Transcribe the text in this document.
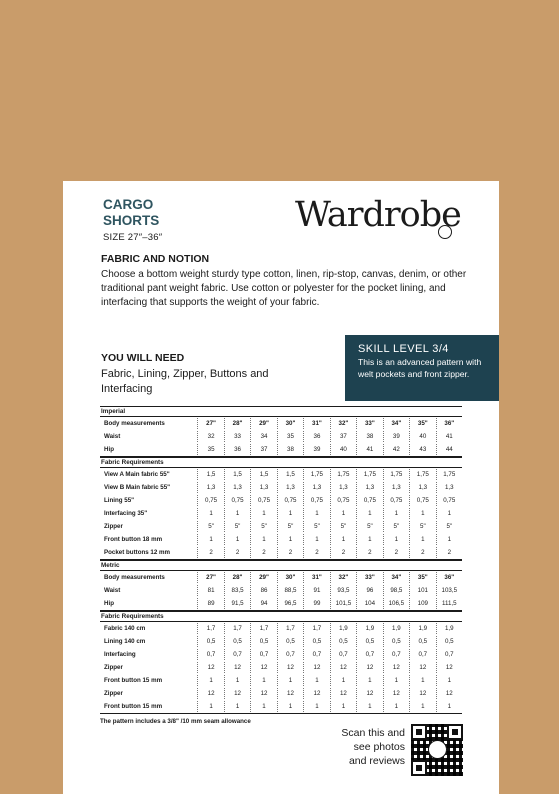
CARGO
SHORTS
SIZE 27″–36″
Wardrobe
FABRIC AND NOTION
Choose a bottom weight sturdy type cotton, linen, rip-stop, canvas, denim, or other traditional pant weight fabric. Use cotton or polyester for the pocket lining, and interfacing that supports the weight of your fabric.
YOU WILL NEED
Fabric, Lining, Zipper, Buttons and Interfacing
SKILL LEVEL 3/4
This is an advanced pattern with welt pockets and front zipper.
Imperial
Body measurements	27"	28"	29"	30"	31"	32"	33"	34"	35"	36"
Waist	32	33	34	35	36	37	38	39	40	41
Hip	35	36	37	38	39	40	41	42	43	44
Fabric Requirements
View A Main fabric 55"	1,5	1,5	1,5	1,5	1,75	1,75	1,75	1,75	1,75	1,75
View B Main fabric 55"	1,3	1,3	1,3	1,3	1,3	1,3	1,3	1,3	1,3	1,3
Lining 55"	0,75	0,75	0,75	0,75	0,75	0,75	0,75	0,75	0,75	0,75
Interfacing 35"	1	1	1	1	1	1	1	1	1	1
Zipper	5"	5"	5"	5"	5"	5"	5"	5"	5"	5"
Front button 18 mm	1	1	1	1	1	1	1	1	1	1
Pocket buttons 12 mm	2	2	2	2	2	2	2	2	2	2
Metric
Body measurements	27"	28"	29"	30"	31"	32"	33"	34"	35"	36"
Waist	81	83,5	86	88,5	91	93,5	96	98,5	101	103,5
Hip	89	91,5	94	96,5	99	101,5	104	106,5	109	111,5
Fabric Requirements
Fabric 140 cm	1,7	1,7	1,7	1,7	1,7	1,9	1,9	1,9	1,9	1,9
Lining 140 cm	0,5	0,5	0,5	0,5	0,5	0,5	0,5	0,5	0,5	0,5
Interfacing	0,7	0,7	0,7	0,7	0,7	0,7	0,7	0,7	0,7	0,7
Zipper	12	12	12	12	12	12	12	12	12	12
Front button 15 mm	1	1	1	1	1	1	1	1	1	1
Zipper	12	12	12	12	12	12	12	12	12	12
Front button 15 mm	1	1	1	1	1	1	1	1	1	1
The pattern includes a 3/8" /10 mm seam allowance
Scan this and
see photos
and reviews
